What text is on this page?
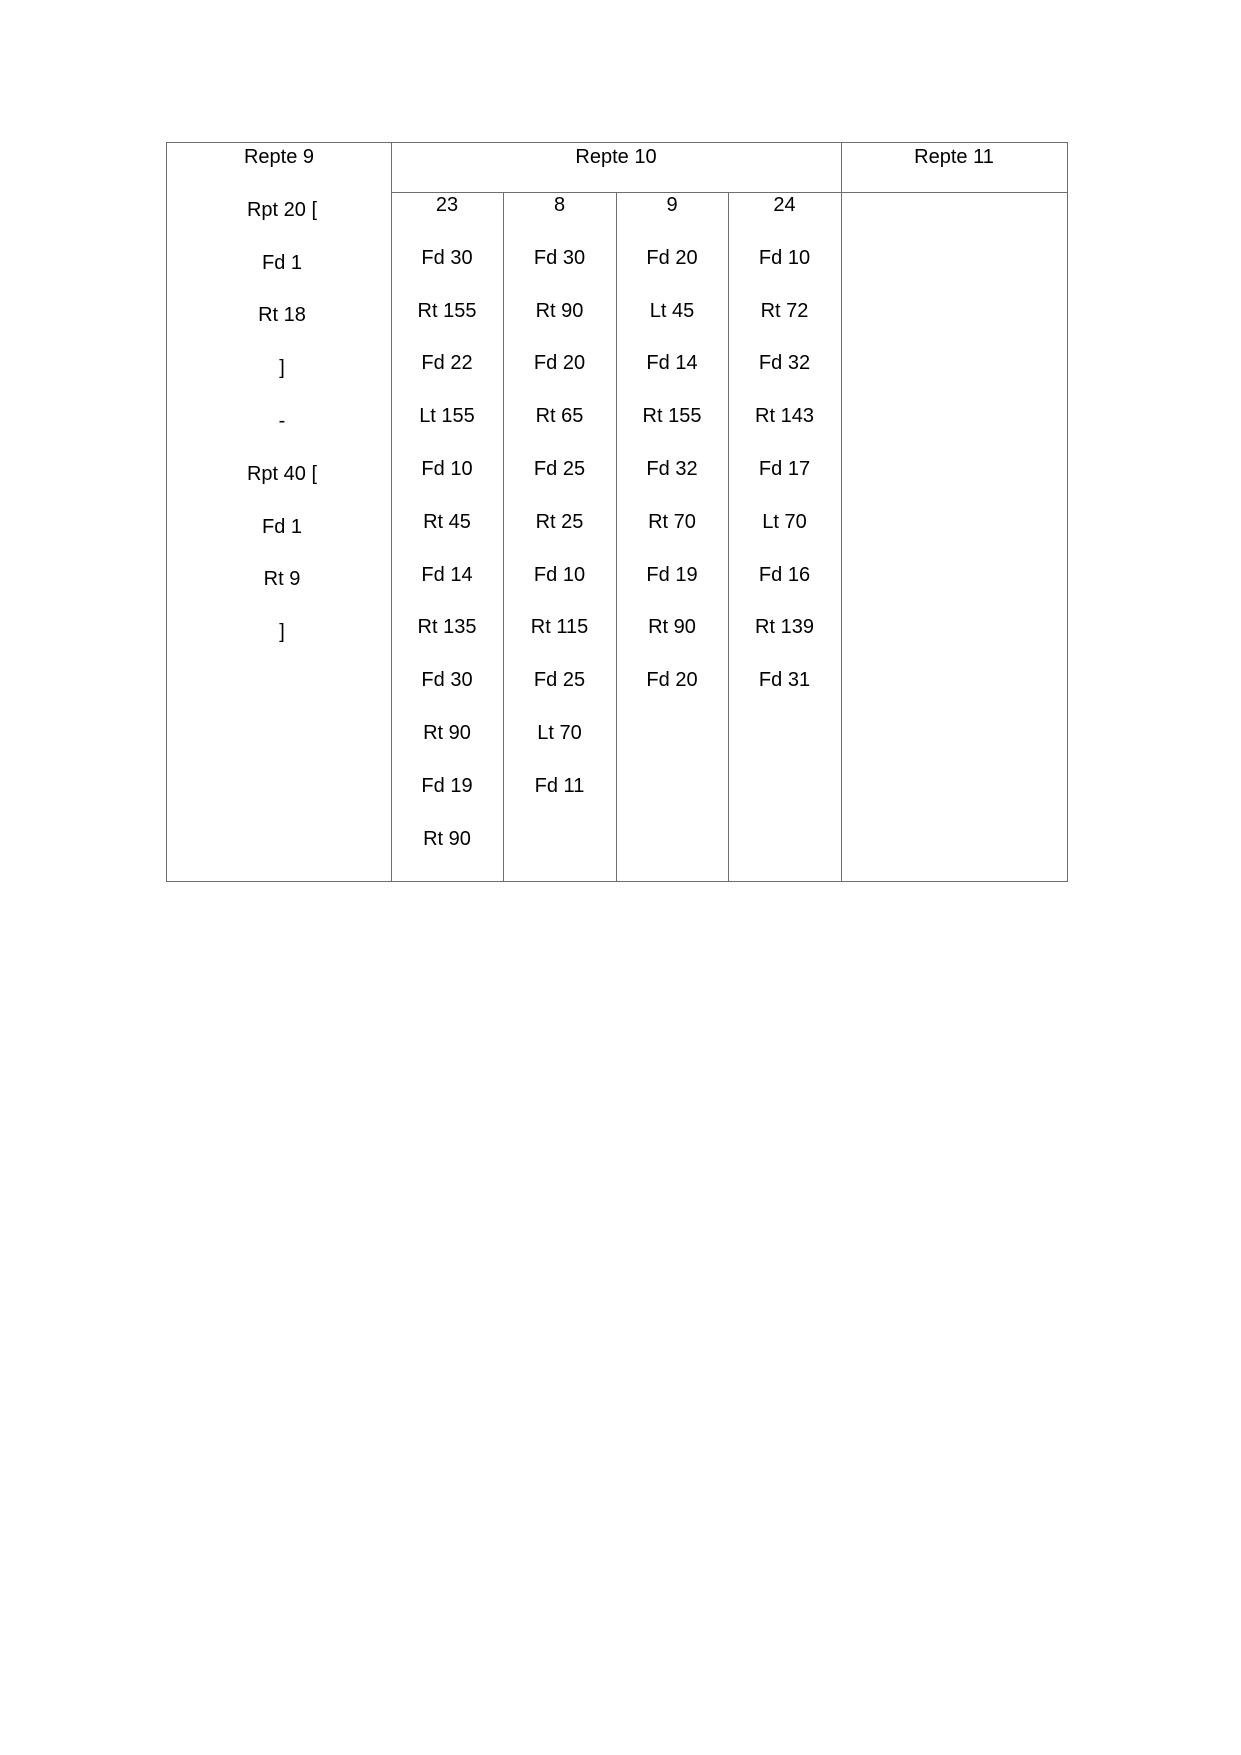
Repte 9	Repte 10	Repte 11
Rpt 20 [
Fd 1
Rt 18
]
-
Rpt 40 [
Fd 1
Rt 9
]
23
Fd 30
Rt 155
Fd 22
Lt 155
Fd 10
Rt 45
Fd 14
Rt 135
Fd 30
Rt 90
Fd 19
Rt 90
8
Fd 30
Rt 90
Fd 20
Rt 65
Fd 25
Rt 25
Fd 10
Rt 115
Fd 25
Lt 70
Fd 11
9
Fd 20
Lt 45
Fd 14
Rt 155
Fd 32
Rt 70
Fd 19
Rt 90
Fd 20
24
Fd 10
Rt 72
Fd 32
Rt 143
Fd 17
Lt 70
Fd 16
Rt 139
Fd 31
